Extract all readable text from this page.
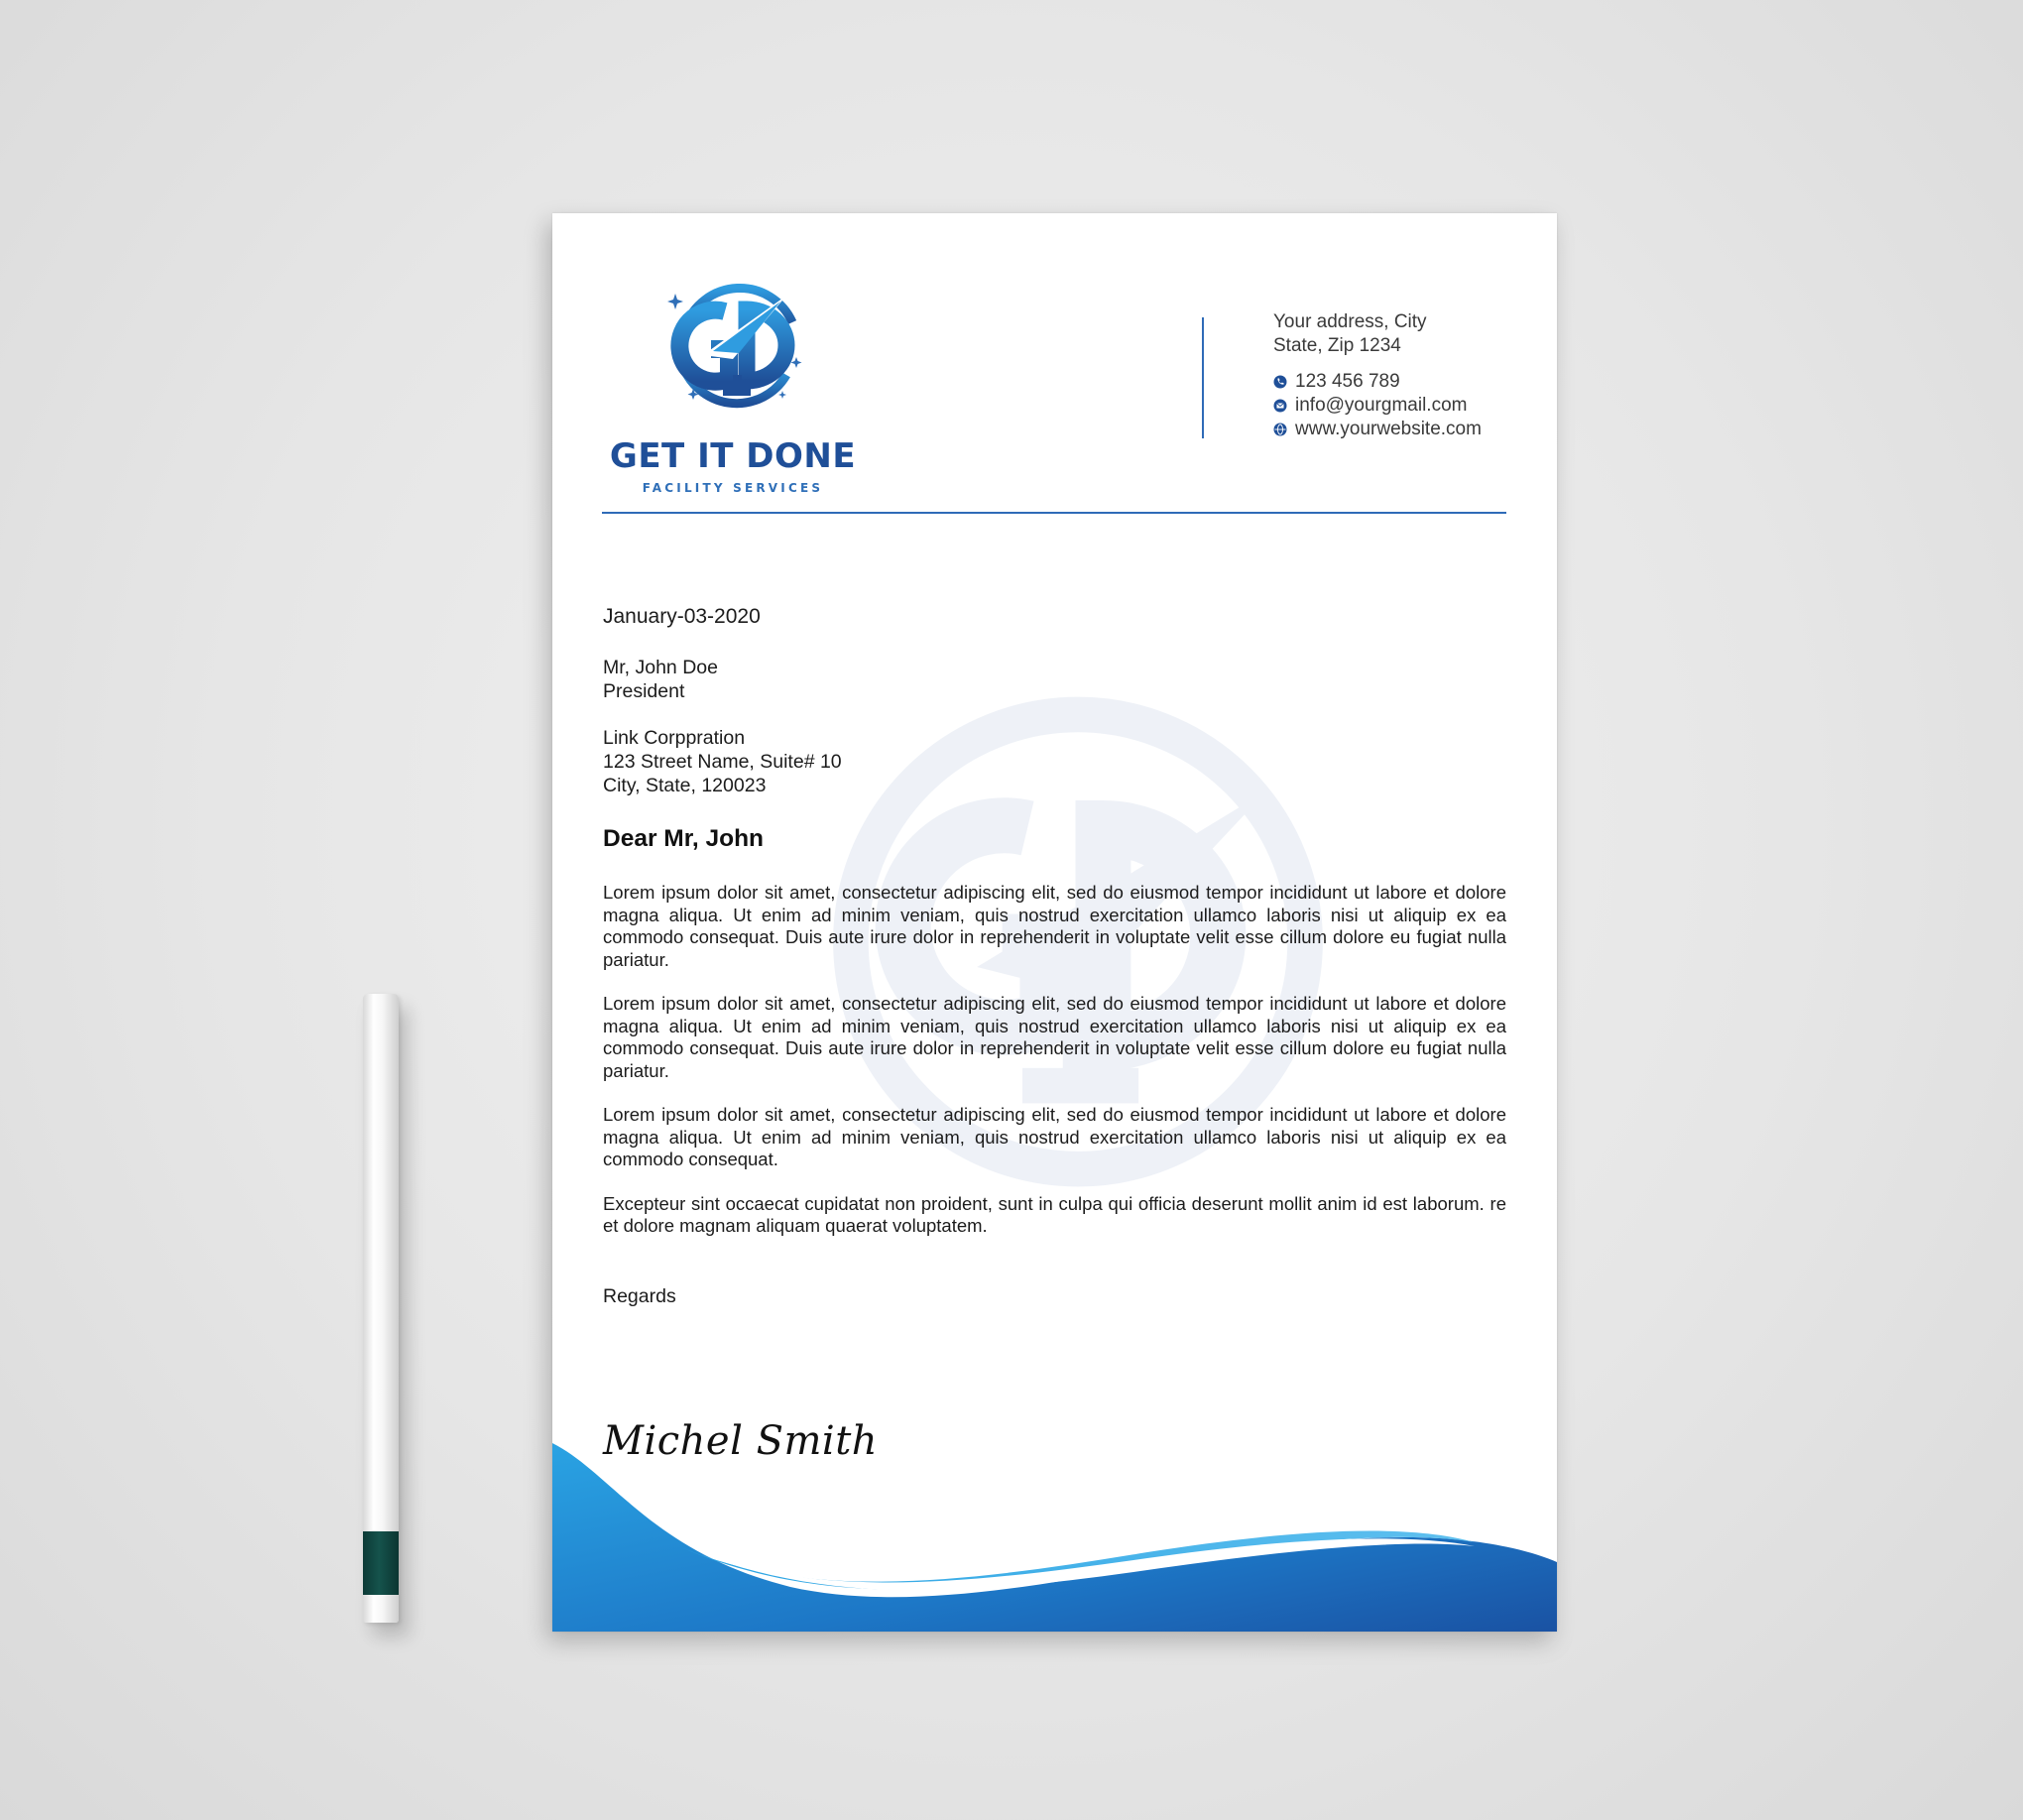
GET IT DONE
FACILITY SERVICES
Your address, City
State, Zip 1234
123 456 789
info@yourgmail.com
www.yourwebsite.com
January-03-2020
Mr, John Doe
President
Link Corppration
123 Street Name, Suite# 10
City, State, 120023
Dear Mr, John

Lorem ipsum dolor sit amet, consectetur adipiscing elit, sed do eiusmod tempor incididunt ut labore et dolore magna aliqua. Ut enim ad minim veniam, quis nostrud exercitation ullamco laboris nisi ut aliquip ex ea commodo consequat. Duis aute irure dolor in reprehenderit in voluptate velit esse cillum dolore eu fugiat nulla pariatur.

Lorem ipsum dolor sit amet, consectetur adipiscing elit, sed do eiusmod tempor incididunt ut labore et dolore magna aliqua. Ut enim ad minim veniam, quis nostrud exercitation ullamco laboris nisi ut aliquip ex ea commodo consequat. Duis aute irure dolor in reprehenderit in voluptate velit esse cillum dolore eu fugiat nulla pariatur.

Lorem ipsum dolor sit amet, consectetur adipiscing elit, sed do eiusmod tempor incididunt ut labore et dolore magna aliqua. Ut enim ad minim veniam, quis nostrud exercitation ullamco laboris nisi ut aliquip ex ea commodo consequat.

Excepteur sint occaecat cupidatat non proident, sunt in culpa qui officia deserunt mollit anim id est laborum. re et dolore magnam aliquam quaerat voluptatem.

Regards
Michel Smith
